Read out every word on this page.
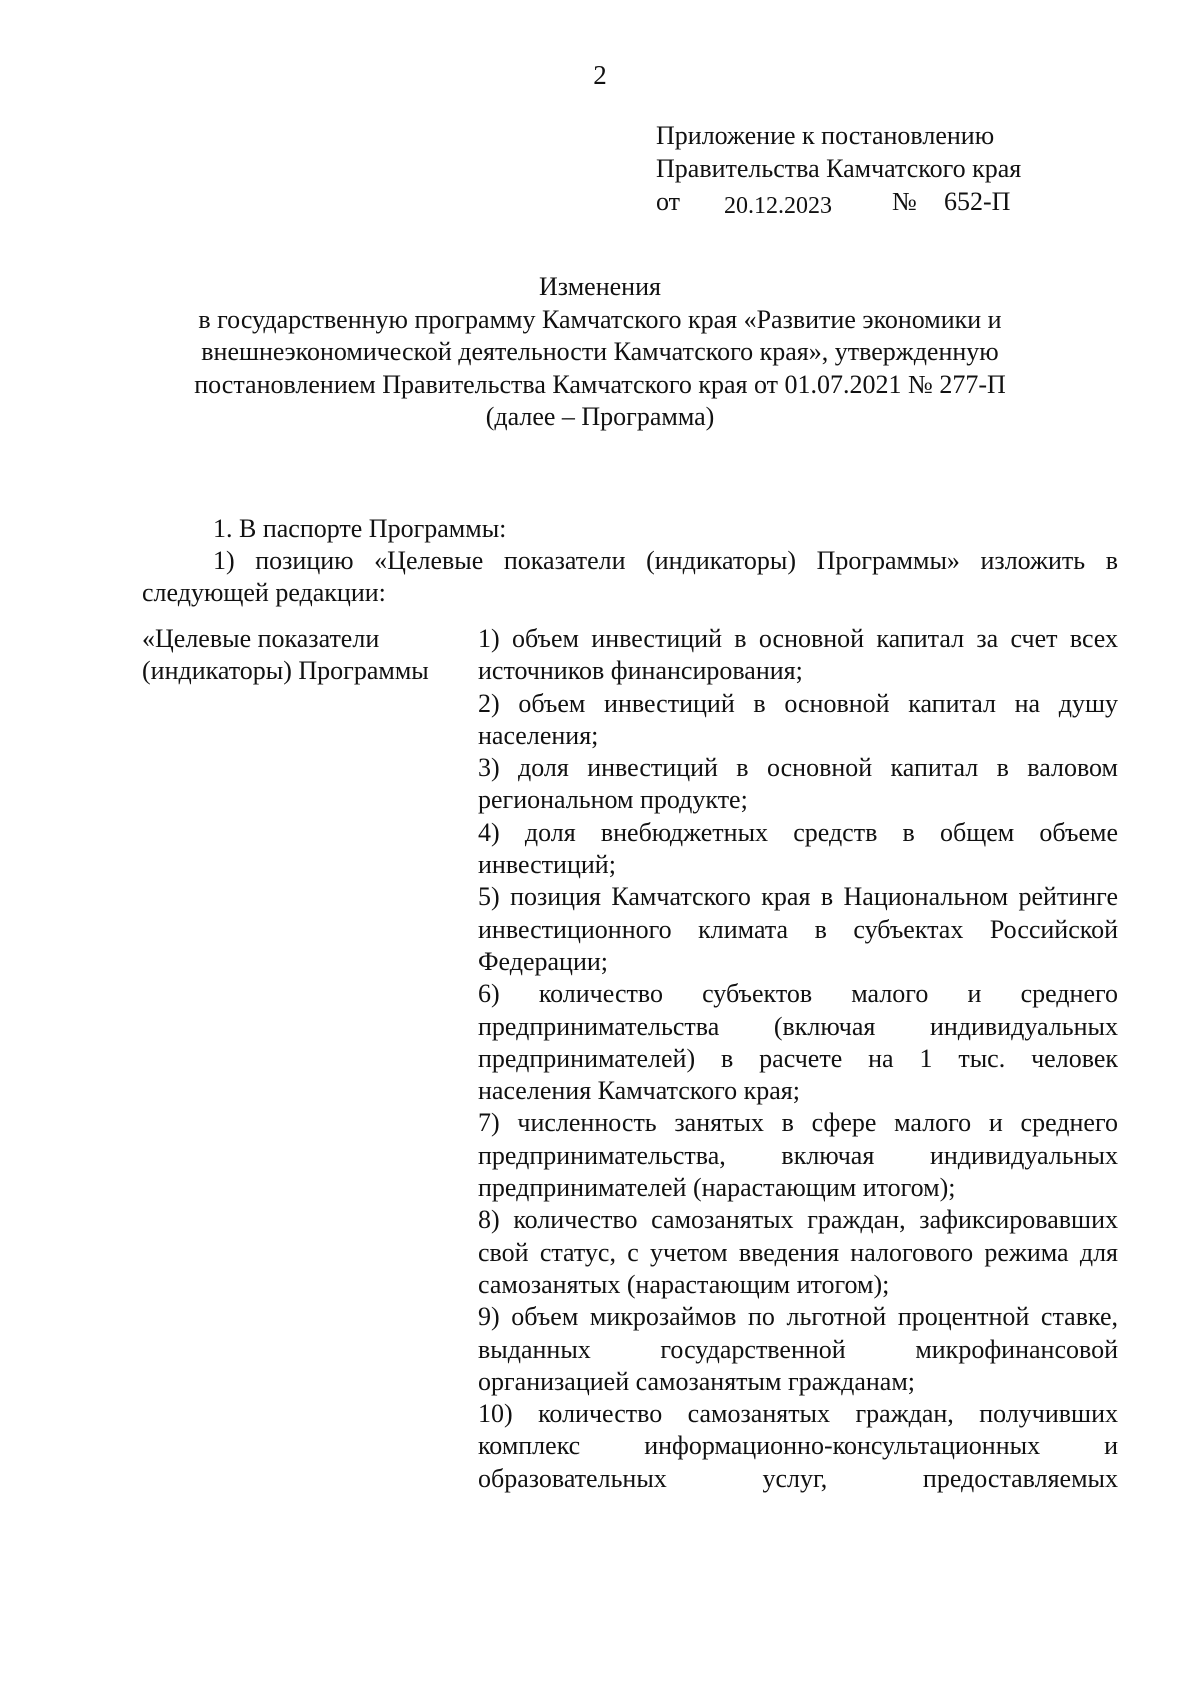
2
Приложение к постановлению
Правительства Камчатского края
от 20.12.2023 № 652-П
Изменения
в государственную программу Камчатского края «Развитие экономики и
внешнеэкономической деятельности Камчатского края», утвержденную
постановлением Правительства Камчатского края от 01.07.2021 № 277-П
(далее – Программа)
1. В паспорте Программы:
1) позицию «Целевые показатели (индикаторы) Программы» изложить в следующей редакции:
«Целевые показатели
(индикаторы) Программы
1) объем инвестиций в основной капитал за счет всех источников финансирования;
2) объем инвестиций в основной капитал на душу населения;
3) доля инвестиций в основной капитал в валовом региональном продукте;
4) доля внебюджетных средств в общем объеме инвестиций;
5) позиция Камчатского края в Национальном рейтинге инвестиционного климата в субъектах Российской Федерации;
6) количество субъектов малого и среднего предпринимательства (включая индивидуальных предпринимателей) в расчете на 1 тыс. человек населения Камчатского края;
7) численность занятых в сфере малого и среднего предпринимательства, включая индивидуальных предпринимателей (нарастающим итогом);
8) количество самозанятых граждан, зафиксировавших свой статус, с учетом введения налогового режима для самозанятых (нарастающим итогом);
9) объем микрозаймов по льготной процентной ставке, выданных государственной микрофинансовой организацией самозанятым гражданам;
10) количество самозанятых граждан, получивших комплекс информационно-консультационных и образовательных услуг, предоставляемых
